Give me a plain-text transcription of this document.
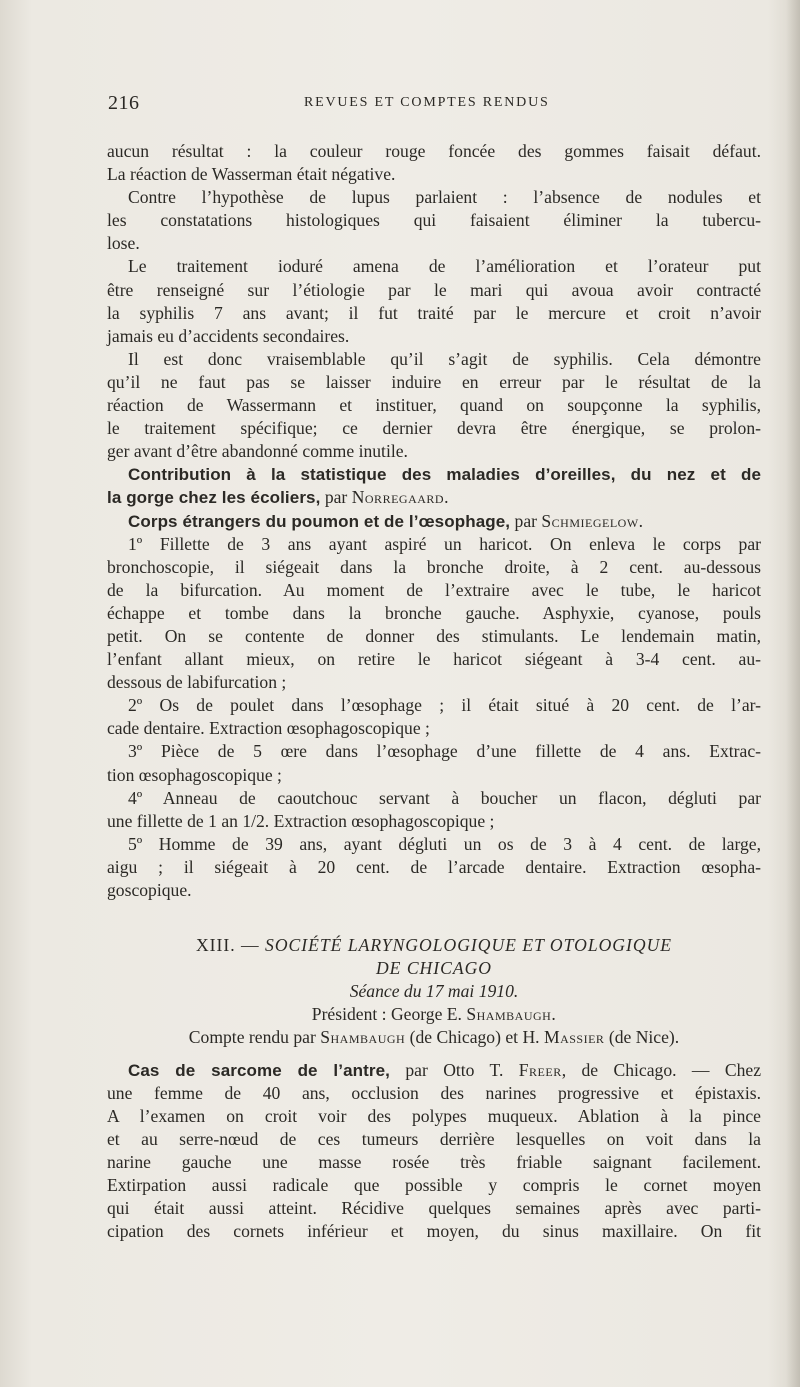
216	REVUES ET COMPTES RENDUS
aucun résultat : la couleur rouge foncée des gommes faisait défaut.
La réaction de Wasserman était négative.
Contre l’hypothèse de lupus parlaient : l’absence de nodules et
les constatations histologiques qui faisaient éliminer la tubercu-
lose.
Le traitement ioduré amena de l’amélioration et l’orateur put
être renseigné sur l’étiologie par le mari qui avoua avoir contracté
la syphilis 7 ans avant; il fut traité par le mercure et croit n’avoir
jamais eu d’accidents secondaires.
Il est donc vraisemblable qu’il s’agit de syphilis. Cela démontre
qu’il ne faut pas se laisser induire en erreur par le résultat de la
réaction de Wassermann et instituer, quand on soupçonne la syphilis,
le traitement spécifique; ce dernier devra être énergique, se prolon-
ger avant d’être abandonné comme inutile.
Contribution à la statistique des maladies d’oreilles, du nez et de
la gorge chez les écoliers, par Norregaard.
Corps étrangers du poumon et de l’œsophage, par Schmiegelow.
1º Fillette de 3 ans ayant aspiré un haricot. On enleva le corps par
bronchoscopie, il siégeait dans la bronche droite, à 2 cent. au-dessous
de la bifurcation. Au moment de l’extraire avec le tube, le haricot
échappe et tombe dans la bronche gauche. Asphyxie, cyanose, pouls
petit. On se contente de donner des stimulants. Le lendemain matin,
l’enfant allant mieux, on retire le haricot siégeant à 3-4 cent. au-
dessous de labifurcation ;
2º Os de poulet dans l’œsophage ; il était situé à 20 cent. de l’ar-
cade dentaire. Extraction œsophagoscopique ;
3º Pièce de 5 œre dans l’œsophage d’une fillette de 4 ans. Extrac-
tion œsophagoscopique ;
4º Anneau de caoutchouc servant à boucher un flacon, dégluti par
une fillette de 1 an 1/2. Extraction œsophagoscopique ;
5º Homme de 39 ans, ayant dégluti un os de 3 à 4 cent. de large,
aigu ; il siégeait à 20 cent. de l’arcade dentaire. Extraction œsopha-
goscopique.
XIII. — SOCIÉTÉ LARYNGOLOGIQUE ET OTOLOGIQUE
DE CHICAGO
Séance du 17 mai 1910.
Président : George E. Shambaugh.
Compte rendu par Shambaugh (de Chicago) et H. Massier (de Nice).
Cas de sarcome de l’antre, par Otto T. Freer, de Chicago. — Chez
une femme de 40 ans, occlusion des narines progressive et épistaxis.
A l’examen on croit voir des polypes muqueux. Ablation à la pince
et au serre-nœud de ces tumeurs derrière lesquelles on voit dans la
narine gauche une masse rosée très friable saignant facilement.
Extirpation aussi radicale que possible y compris le cornet moyen
qui était aussi atteint. Récidive quelques semaines après avec parti-
cipation des cornets inférieur et moyen, du sinus maxillaire. On fit
